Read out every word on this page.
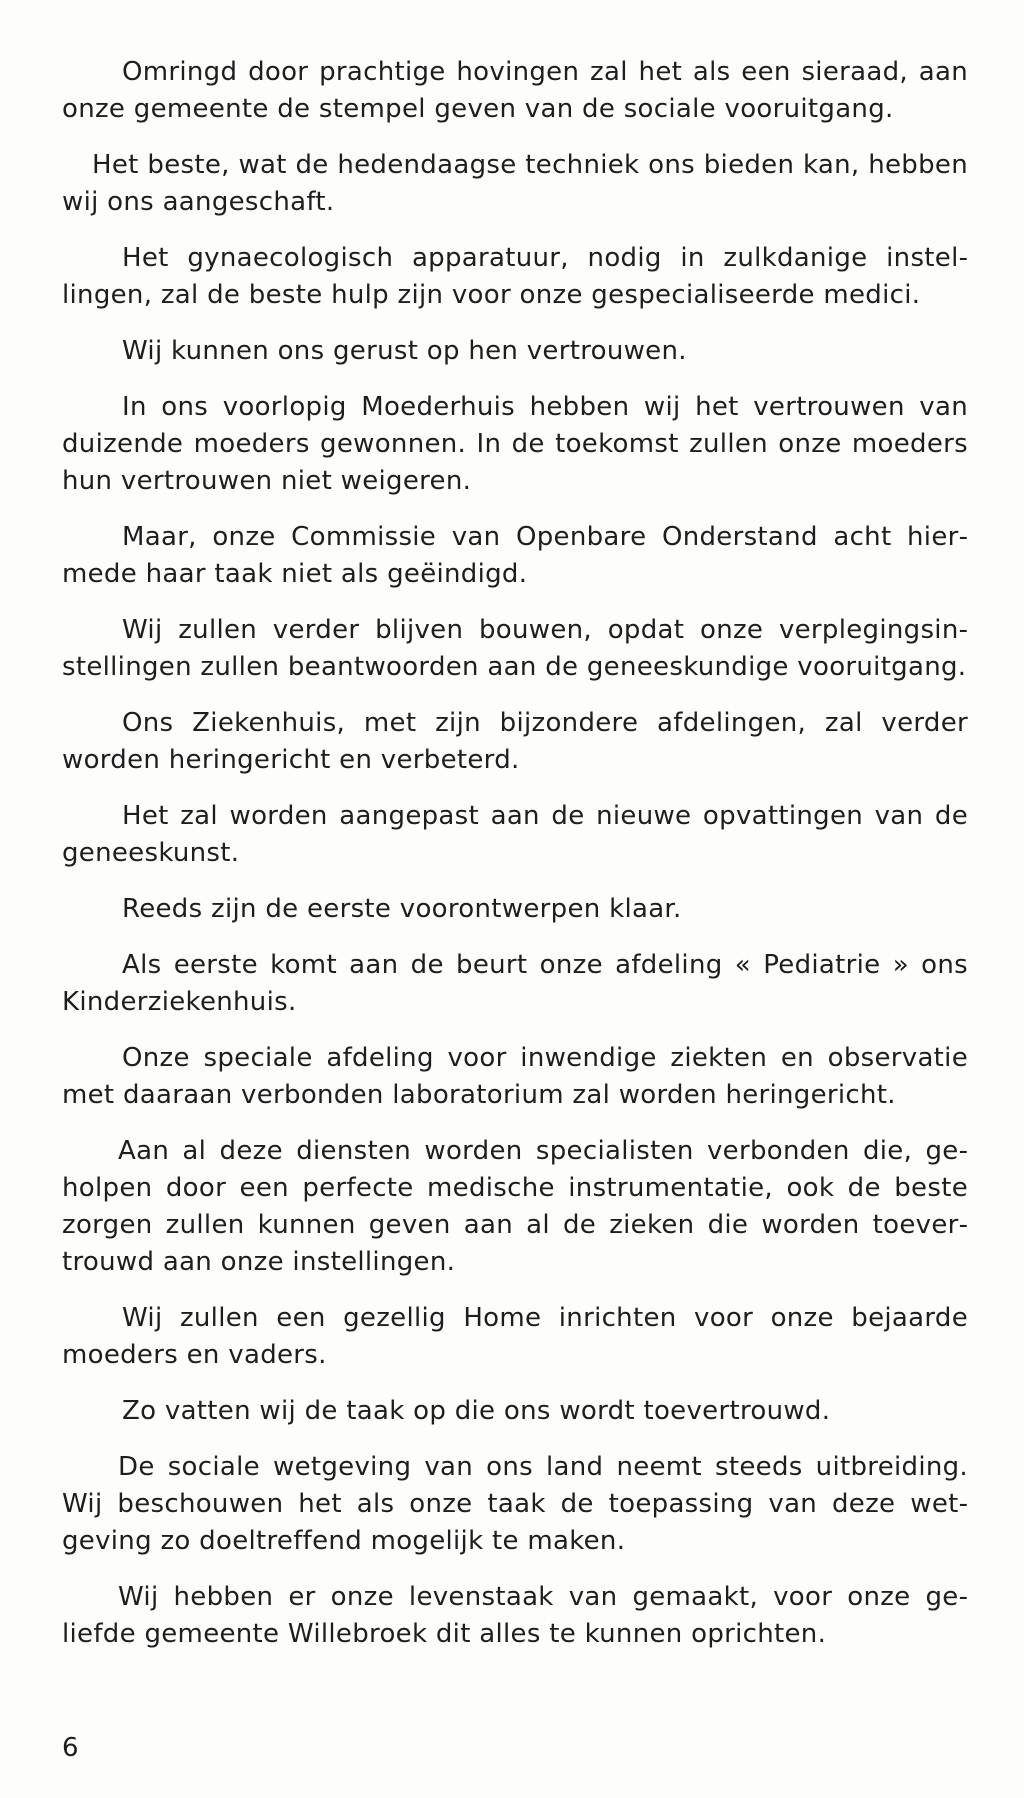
Omringd door prachtige hovingen zal het als een sieraad, aan onze gemeente de stempel geven van de sociale vooruitgang.

Het beste, wat de hedendaagse techniek ons bieden kan, hebben wij ons aangeschaft.

Het gynaecologisch apparatuur, nodig in zulkdanige instellingen, zal de beste hulp zijn voor onze gespecialiseerde medici.

Wij kunnen ons gerust op hen vertrouwen.

In ons voorlopig Moederhuis hebben wij het vertrouwen van duizende moeders gewonnen. In de toekomst zullen onze moeders hun vertrouwen niet weigeren.

Maar, onze Commissie van Openbare Onderstand acht hiermede haar taak niet als geëindigd.

Wij zullen verder blijven bouwen, opdat onze verplegingsinstellingen zullen beantwoorden aan de geneeskundige vooruitgang.

Ons Ziekenhuis, met zijn bijzondere afdelingen, zal verder worden heringericht en verbeterd.

Het zal worden aangepast aan de nieuwe opvattingen van de geneeskunst.

Reeds zijn de eerste voorontwerpen klaar.

Als eerste komt aan de beurt onze afdeling « Pediatrie » ons Kinderziekenhuis.

Onze speciale afdeling voor inwendige ziekten en observatie met daaraan verbonden laboratorium zal worden heringericht.

Aan al deze diensten worden specialisten verbonden die, geholpen door een perfecte medische instrumentatie, ook de beste zorgen zullen kunnen geven aan al de zieken die worden toevertrouwd aan onze instellingen.

Wij zullen een gezellig Home inrichten voor onze bejaarde moeders en vaders.

Zo vatten wij de taak op die ons wordt toevertrouwd.

De sociale wetgeving van ons land neemt steeds uitbreiding. Wij beschouwen het als onze taak de toepassing van deze wetgeving zo doeltreffend mogelijk te maken.

Wij hebben er onze levenstaak van gemaakt, voor onze geliefde gemeente Willebroek dit alles te kunnen oprichten.

6
